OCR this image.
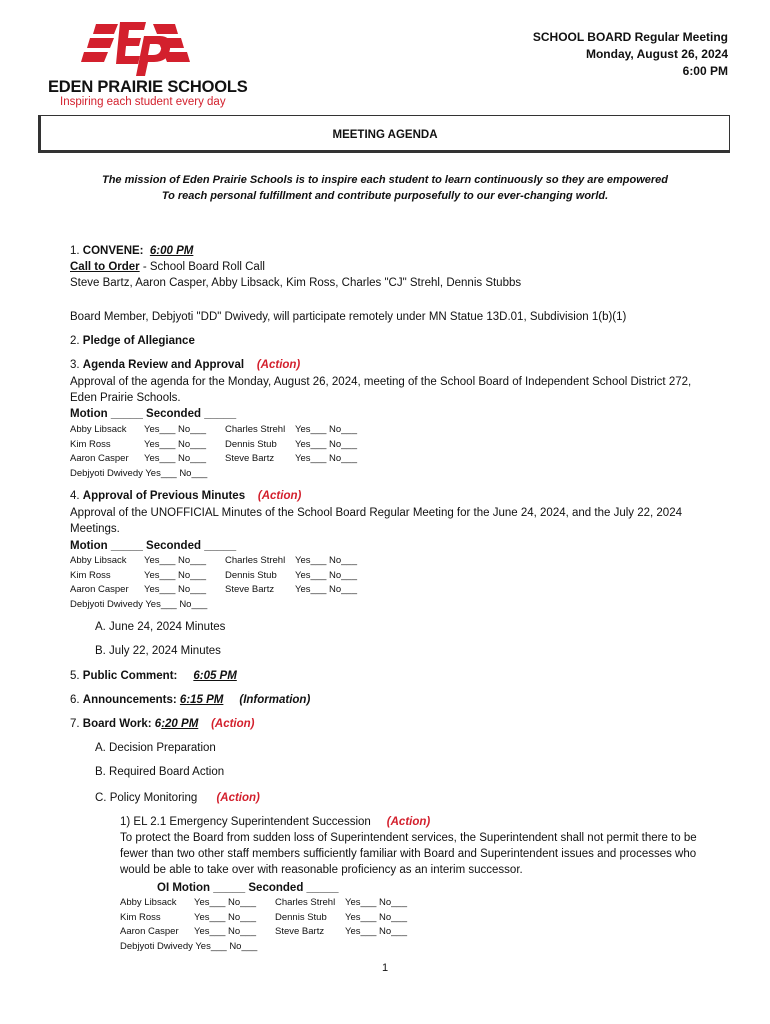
EDEN PRAIRIE SCHOOLS
Inspiring each student every day
SCHOOL BOARD Regular Meeting
Monday, August 26, 2024
6:00 PM
MEETING AGENDA
The mission of Eden Prairie Schools is to inspire each student to learn continuously so they are empowered
To reach personal fulfillment and contribute purposefully to our ever-changing world.
1. CONVENE: 6:00 PM
Call to Order - School Board Roll Call
Steve Bartz, Aaron Casper, Abby Libsack, Kim Ross, Charles "CJ" Strehl, Dennis Stubbs
Board Member, Debjyoti "DD" Dwivedy, will participate remotely under MN Statue 13D.01, Subdivision 1(b)(1)
2. Pledge of Allegiance
3. Agenda Review and Approval (Action)
Approval of the agenda for the Monday, August 26, 2024, meeting of the School Board of Independent School District 272, Eden Prairie Schools.
Motion _____ Seconded _____
Abby Libsack Yes___ No___ Charles Strehl Yes___ No___
Kim Ross	Yes___ No___ Dennis Stub Yes___ No___
Aaron Casper Yes___ No___ Steve Bartz Yes___ No___
Debjyoti Dwivedy Yes___ No___
4. Approval of Previous Minutes (Action)
Approval of the UNOFFICIAL Minutes of the School Board Regular Meeting for the June 24, 2024, and the July 22, 2024 Meetings.
Motion _____ Seconded _____
Abby Libsack Yes___ No___ Charles Strehl Yes___ No___
Kim Ross	Yes___ No___ Dennis Stub Yes___ No___
Aaron Casper Yes___ No___ Steve Bartz Yes___ No___
Debjyoti Dwivedy Yes___ No___
A. June 24, 2024 Minutes
B. July 22, 2024 Minutes
5. Public Comment: 6:05 PM
6. Announcements: 6:15 PM (Information)
7. Board Work: 6:20 PM (Action)
A. Decision Preparation
B. Required Board Action
C. Policy Monitoring (Action)
1) EL 2.1 Emergency Superintendent Succession (Action)
To protect the Board from sudden loss of Superintendent services, the Superintendent shall not permit there to be fewer than two other staff members sufficiently familiar with Board and Superintendent issues and processes who would be able to take over with reasonable proficiency as an interim successor.
OI Motion _____ Seconded _____
Abby Libsack Yes___ No___ Charles Strehl Yes___ No___
Kim Ross	Yes___ No___ Dennis Stub Yes___ No___
Aaron Casper Yes___ No___ Steve Bartz Yes___ No___
Debjyoti Dwivedy Yes___ No___
1
